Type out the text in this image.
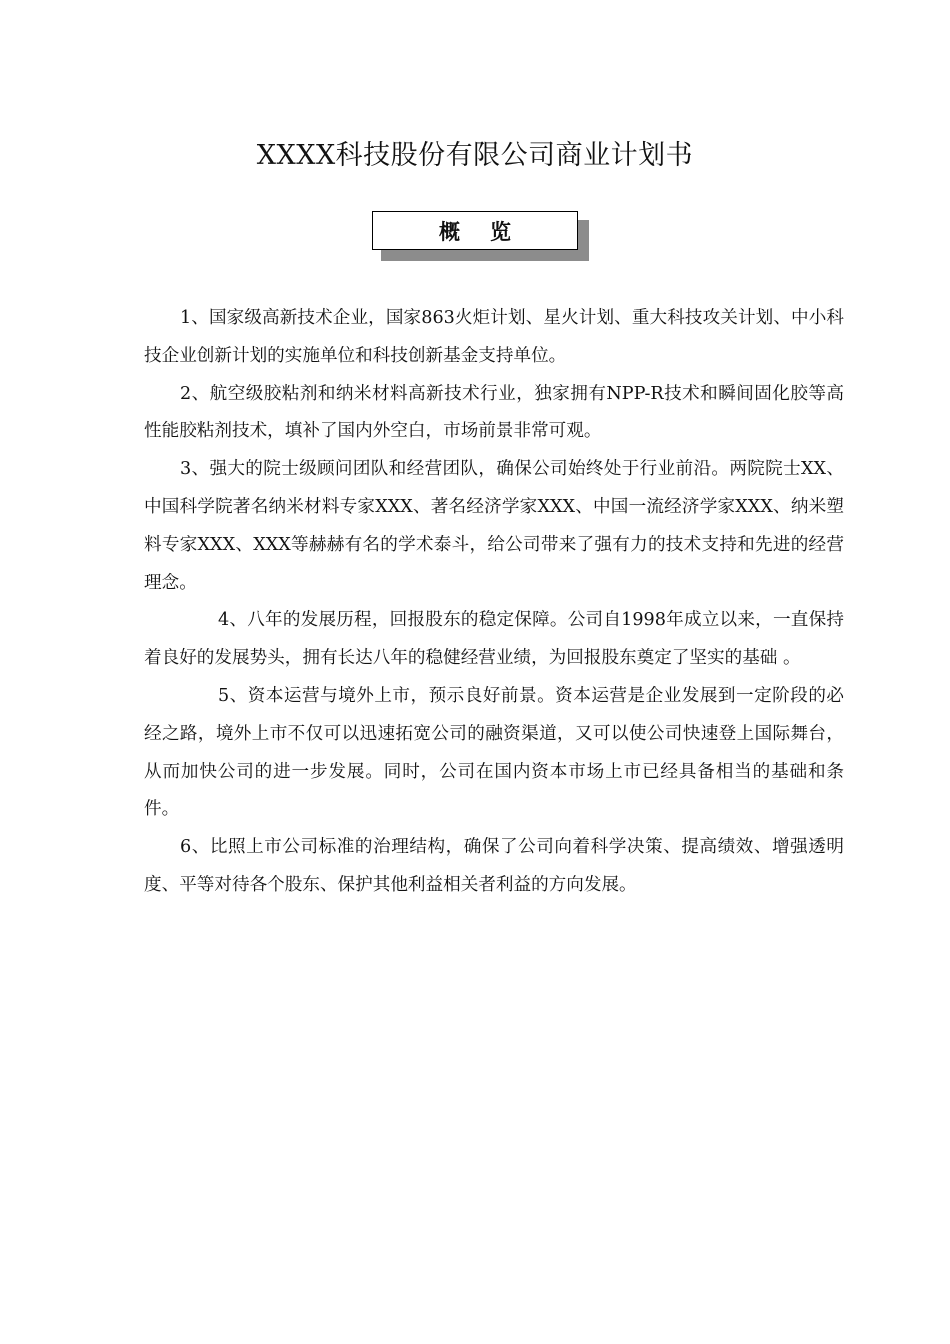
XXXX科技股份有限公司商业计划书
概览

1、国家级高新技术企业，国家863火炬计划、星火计划、重大科技攻关计划、中小科技企业创新计划的实施单位和科技创新基金支持单位。

2、航空级胶粘剂和纳米材料高新技术行业，独家拥有NPP-R技术和瞬间固化胶等高性能胶粘剂技术，填补了国内外空白，市场前景非常可观。

3、强大的院士级顾问团队和经营团队，确保公司始终处于行业前沿。两院院士XX、中国科学院著名纳米材料专家XXX、著名经济学家XXX、中国一流经济学家XXX、纳米塑料专家XXX、XXX等赫赫有名的学术泰斗，给公司带来了强有力的技术支持和先进的经营理念。

4、八年的发展历程，回报股东的稳定保障。公司自1998年成立以来，一直保持着良好的发展势头，拥有长达八年的稳健经营业绩，为回报股东奠定了坚实的基础 。

5、资本运营与境外上市，预示良好前景。资本运营是企业发展到一定阶段的必经之路，境外上市不仅可以迅速拓宽公司的融资渠道，又可以使公司快速登上国际舞台，从而加快公司的进一步发展。同时，公司在国内资本市场上市已经具备相当的基础和条件。

6、比照上市公司标准的治理结构，确保了公司向着科学决策、提高绩效、增强透明度、平等对待各个股东、保护其他利益相关者利益的方向发展。
